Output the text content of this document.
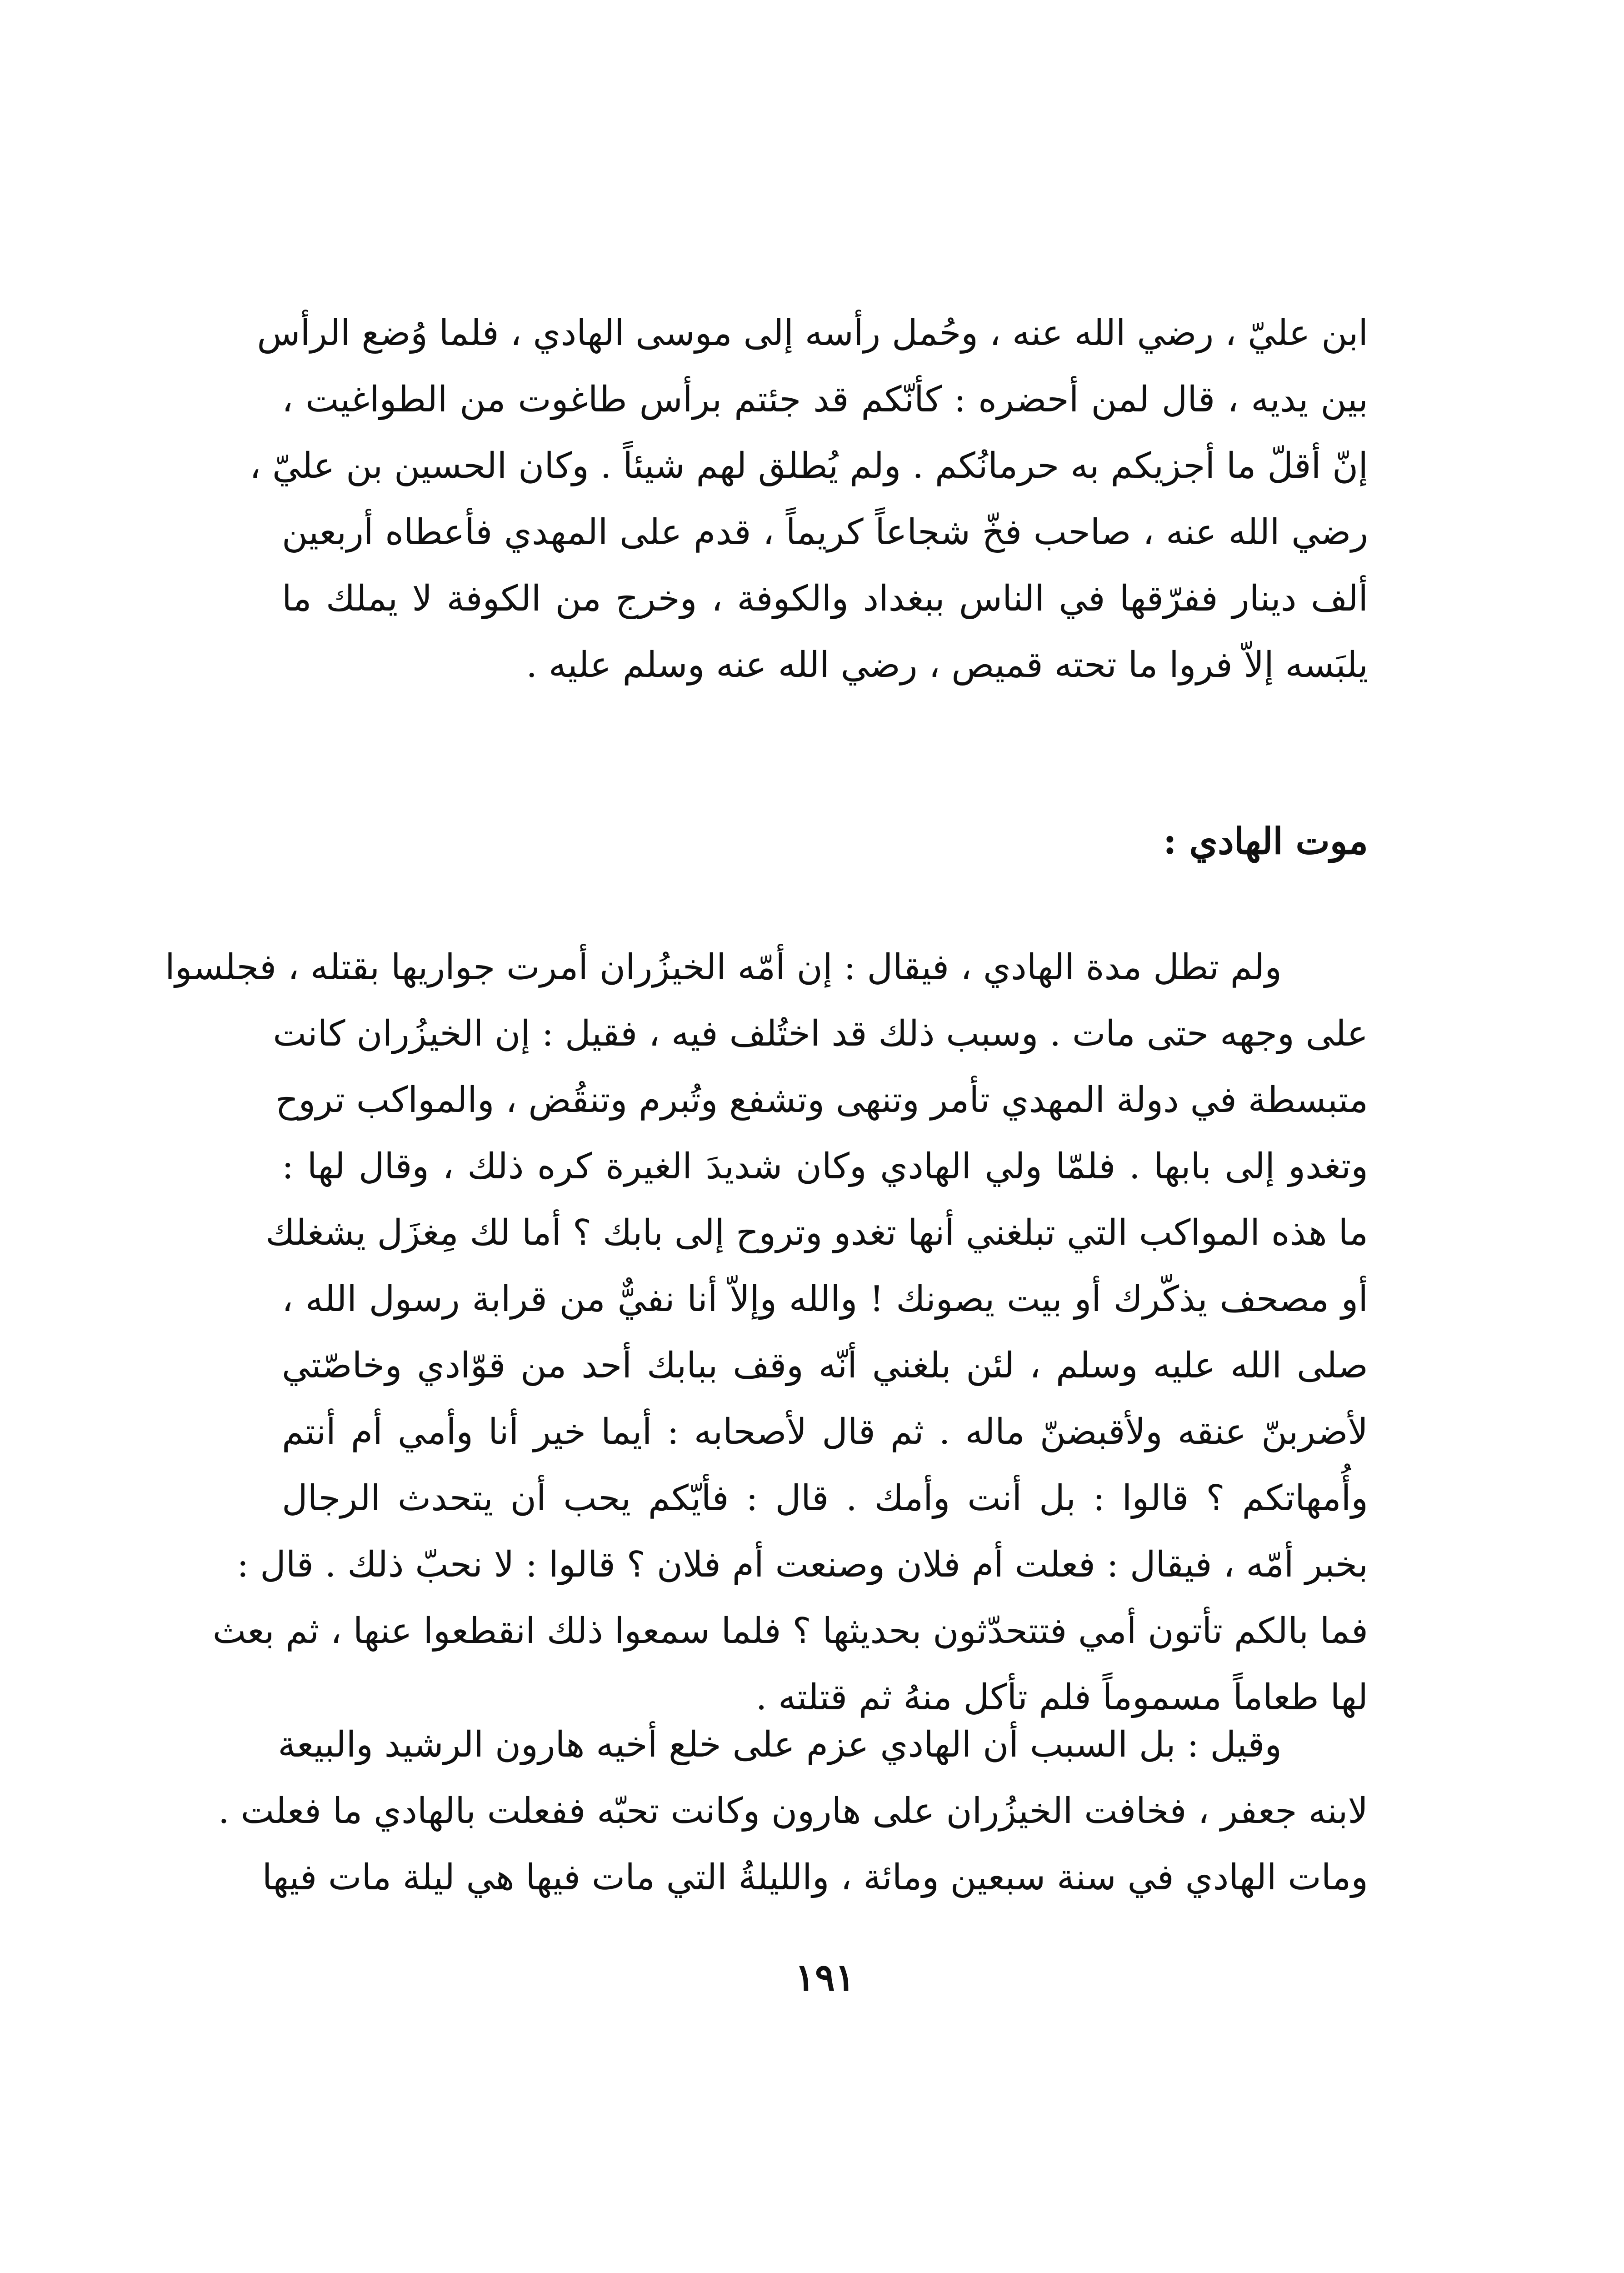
ابن عليّ ، رضي الله عنه ، وحُمل رأسه إلى موسى الهادي ، فلما وُضع الرأس
بين يديه ، قال لمن أحضره : كأنّكم قد جئتم برأس طاغوت من الطواغيت ،
إنّ أقلّ ما أجزيكم به حرمانُكم . ولم يُطلق لهم شيئاً . وكان الحسين بن عليّ ،
رضي الله عنه ، صاحب فخّ شجاعاً كريماً ، قدم على المهدي فأعطاه أربعين
ألف دينار ففرّقها في الناس ببغداد والكوفة ، وخرج من الكوفة لا يملك ما
يلبَسه إلاّ فروا ما تحته قميص ، رضي الله عنه وسلم عليه .
موت الهادي :
ولم تطل مدة الهادي ، فيقال : إن أمّه الخيزُران أمرت جواريها بقتله ، فجلسوا
على وجهه حتى مات . وسبب ذلك قد اختُلف فيه ، فقيل : إن الخيزُران كانت
متبسطة في دولة المهدي تأمر وتنهى وتشفع وتُبرم وتنقُض ، والمواكب تروح
وتغدو إلى بابها . فلمّا ولي الهادي وكان شديدَ الغيرة كره ذلك ، وقال لها :
ما هذه المواكب التي تبلغني أنها تغدو وتروح إلى بابك ؟ أما لك مِغزَل يشغلك
أو مصحف يذكّرك أو بيت يصونك ! والله وإلاّ أنا نفيٌّ من قرابة رسول الله ،
صلى الله عليه وسلم ، لئن بلغني أنّه وقف ببابك أحد من قوّادي وخاصّتي
لأضربنّ عنقه ولأقبضنّ ماله . ثم قال لأصحابه : أيما خير أنا وأمي أم أنتم
وأُمهاتكم ؟ قالوا : بل أنت وأمك . قال : فأيّكم يحب أن يتحدث الرجال
بخبر أمّه ، فيقال : فعلت أم فلان وصنعت أم فلان ؟ قالوا : لا نحبّ ذلك . قال :
فما بالكم تأتون أمي فتتحدّثون بحديثها ؟ فلما سمعوا ذلك انقطعوا عنها ، ثم بعث
لها طعاماً مسموماً فلم تأكل منهُ ثم قتلته .
وقيل : بل السبب أن الهادي عزم على خلع أخيه هارون الرشيد والبيعة
لابنه جعفر ، فخافت الخيزُران على هارون وكانت تحبّه ففعلت بالهادي ما فعلت .
ومات الهادي في سنة سبعين ومائة ، والليلةُ التي مات فيها هي ليلة مات فيها
١٩١
